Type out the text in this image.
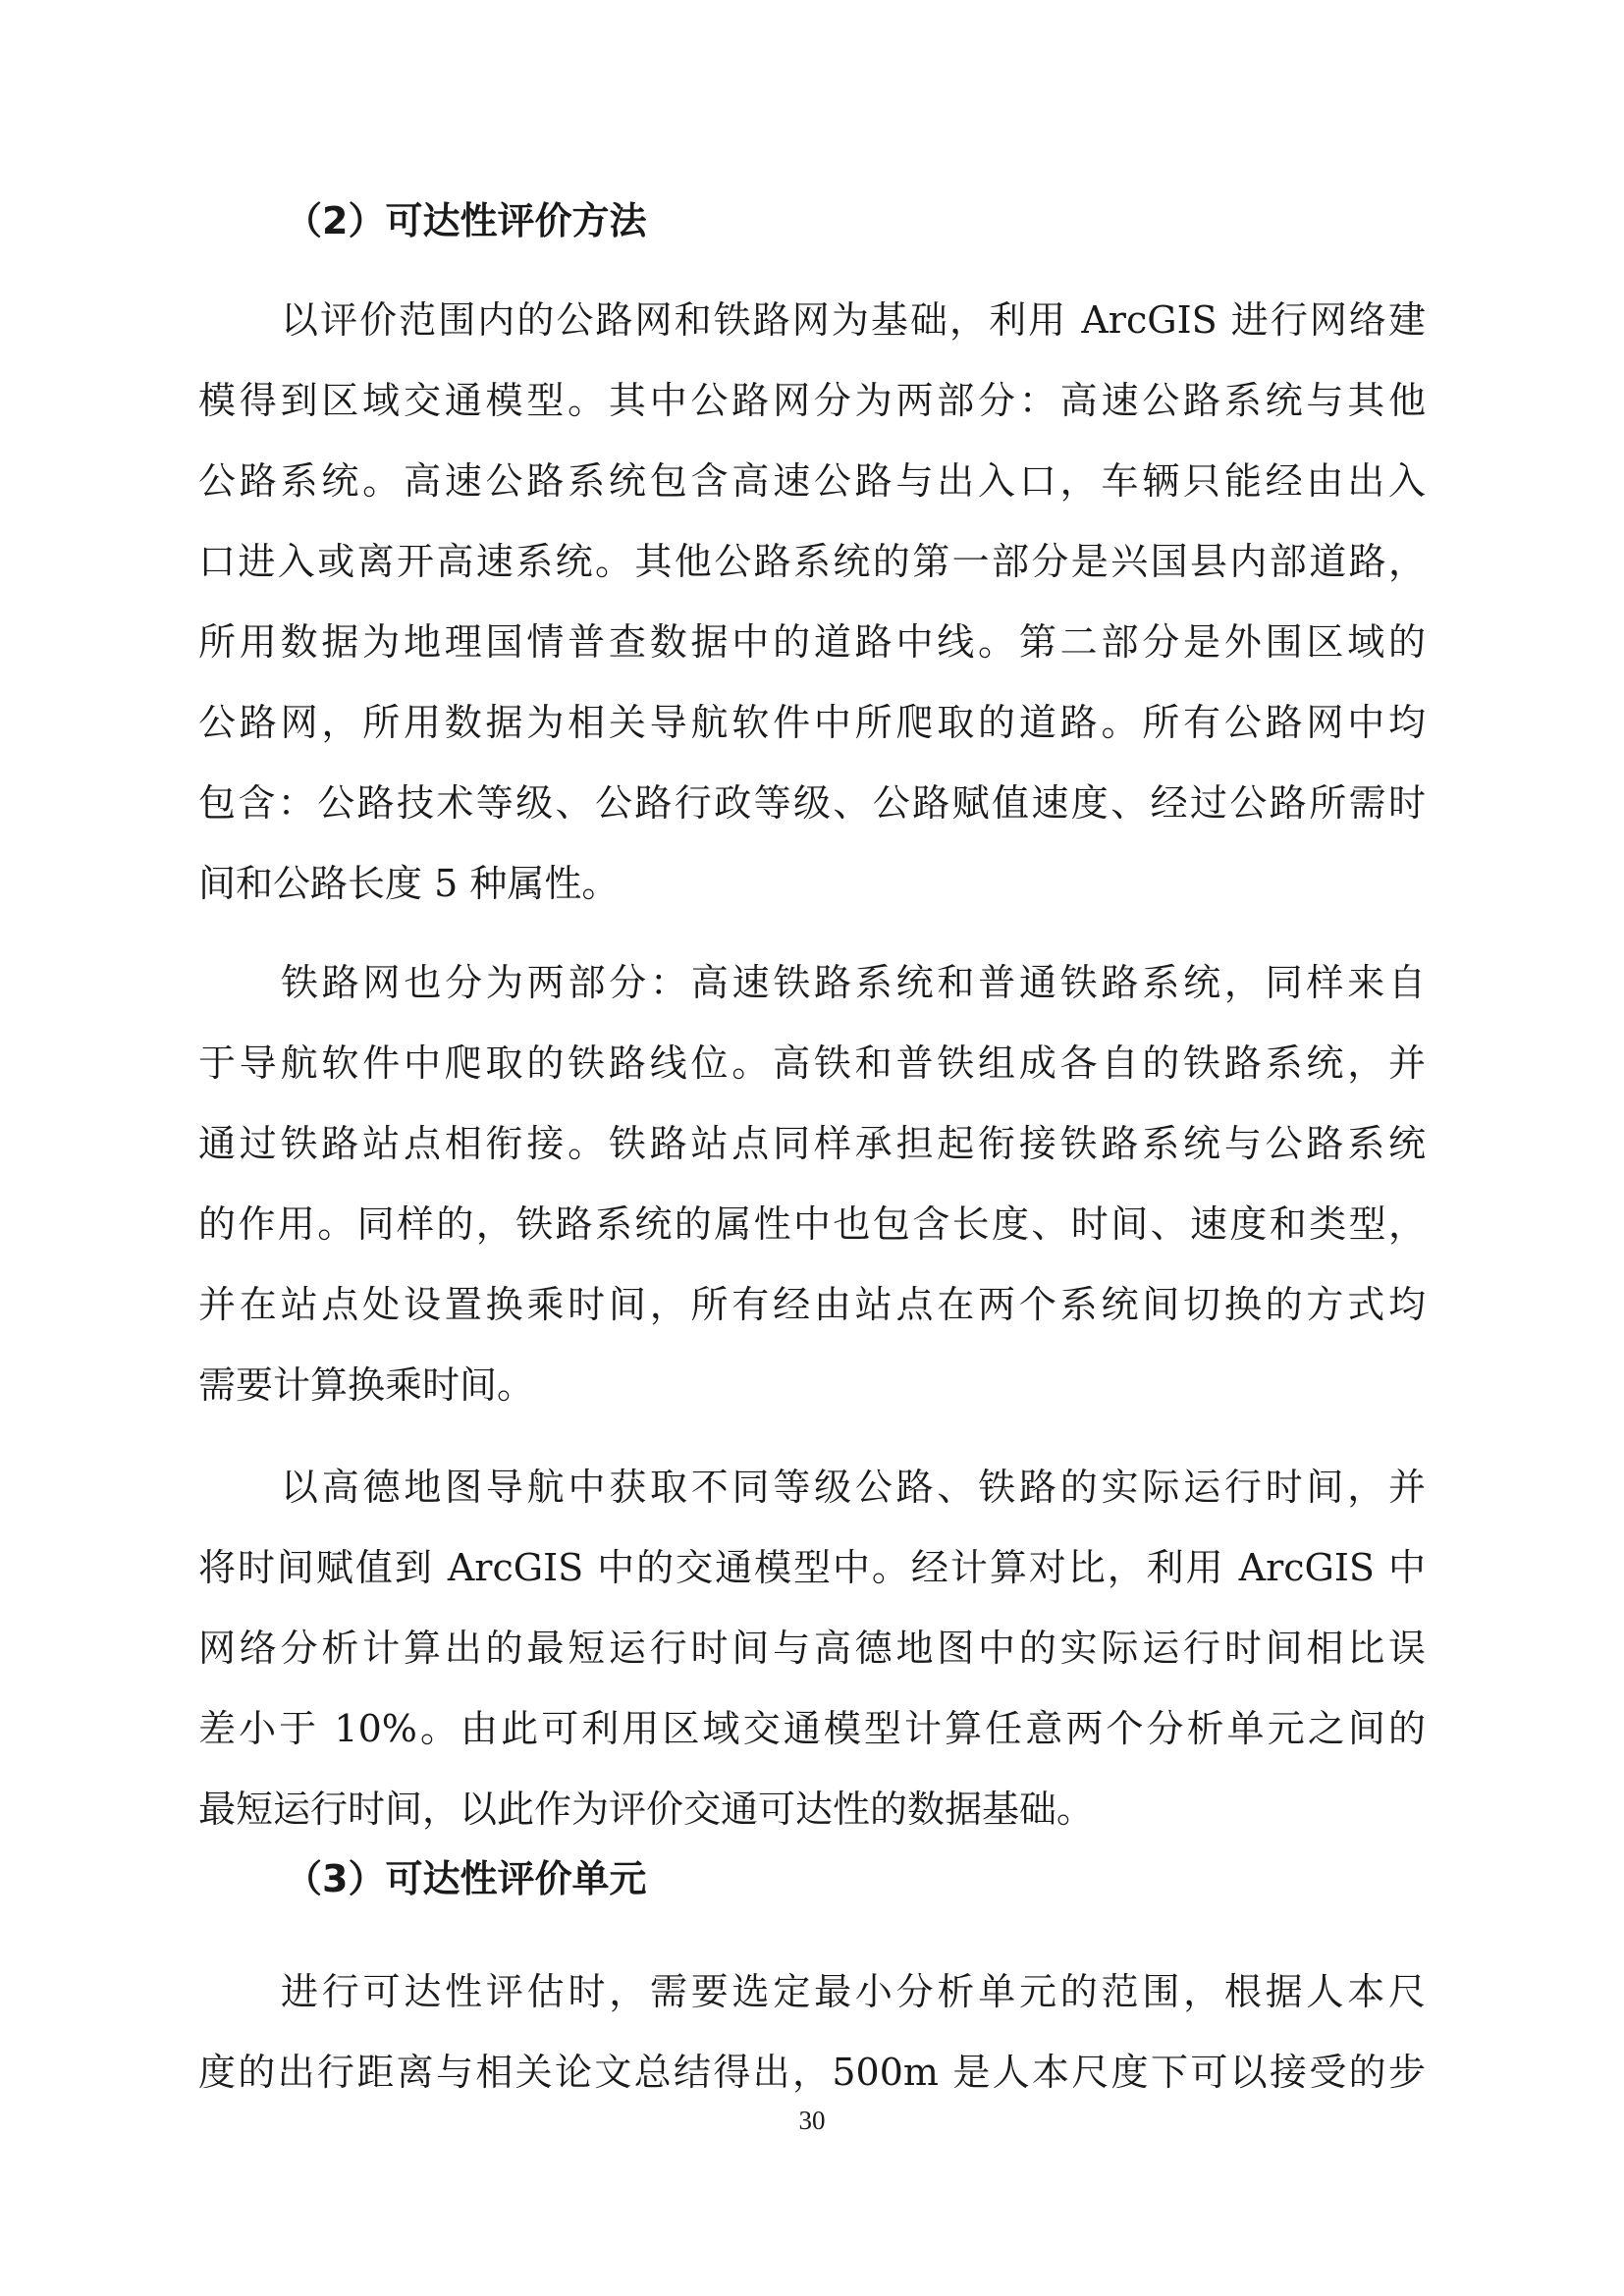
（2）可达性评价方法

以评价范围内的公路网和铁路网为基础，利用 ArcGIS 进行网络建
模得到区域交通模型。其中公路网分为两部分：高速公路系统与其他
公路系统。高速公路系统包含高速公路与出入口，车辆只能经由出入
口进入或离开高速系统。其他公路系统的第一部分是兴国县内部道路，
所用数据为地理国情普查数据中的道路中线。第二部分是外围区域的
公路网，所用数据为相关导航软件中所爬取的道路。所有公路网中均
包含：公路技术等级、公路行政等级、公路赋值速度、经过公路所需时
间和公路长度 5 种属性。

铁路网也分为两部分：高速铁路系统和普通铁路系统，同样来自
于导航软件中爬取的铁路线位。高铁和普铁组成各自的铁路系统，并
通过铁路站点相衔接。铁路站点同样承担起衔接铁路系统与公路系统
的作用。同样的，铁路系统的属性中也包含长度、时间、速度和类型，
并在站点处设置换乘时间，所有经由站点在两个系统间切换的方式均
需要计算换乘时间。

以高德地图导航中获取不同等级公路、铁路的实际运行时间，并
将时间赋值到 ArcGIS 中的交通模型中。经计算对比，利用 ArcGIS 中
网络分析计算出的最短运行时间与高德地图中的实际运行时间相比误
差小于 10%。由此可利用区域交通模型计算任意两个分析单元之间的
最短运行时间，以此作为评价交通可达性的数据基础。

（3）可达性评价单元

进行可达性评估时，需要选定最小分析单元的范围，根据人本尺
度的出行距离与相关论文总结得出，500m 是人本尺度下可以接受的步

30
